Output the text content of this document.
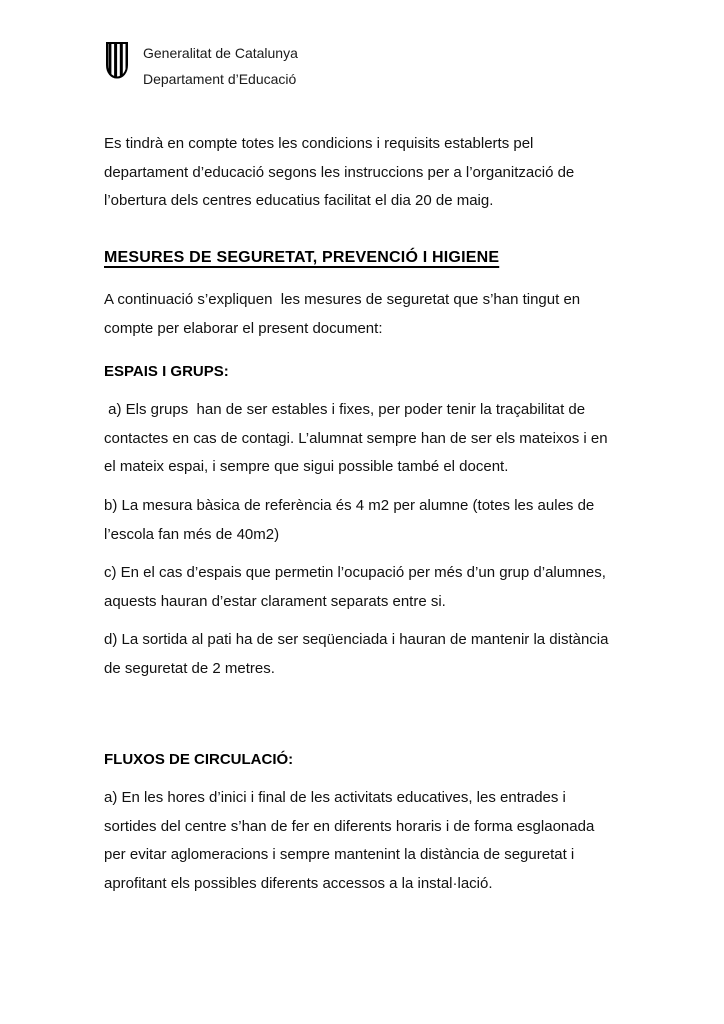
Generalitat de Catalunya
Departament d’Educació

Es tindrà en compte totes les condicions i requisits establerts pel departament d’educació segons les instruccions per a l’organització de l’obertura dels centres educatius facilitat el dia 20 de maig.

MESURES DE SEGURETAT, PREVENCIÓ I HIGIENE

A continuació s’expliquen  les mesures de seguretat que s’han tingut en compte per elaborar el present document:

ESPAIS I GRUPS:

a) Els grups  han de ser estables i fixes, per poder tenir la traçabilitat de contactes en cas de contagi. L’alumnat sempre han de ser els mateixos i en el mateix espai, i sempre que sigui possible també el docent.

b) La mesura bàsica de referència és 4 m2 per alumne (totes les aules de l’escola fan més de 40m2)

c) En el cas d’espais que permetin l’ocupació per més d’un grup d’alumnes, aquests hauran d’estar clarament separats entre si.

d) La sortida al pati ha de ser seqüenciada i hauran de mantenir la distància de seguretat de 2 metres.

FLUXOS DE CIRCULACIÓ:

a) En les hores d’inici i final de les activitats educatives, les entrades i sortides del centre s’han de fer en diferents horaris i de forma esglaonada per evitar aglomeracions i sempre mantenint la distància de seguretat i aprofitant els possibles diferents accessos a la instal·lació.
